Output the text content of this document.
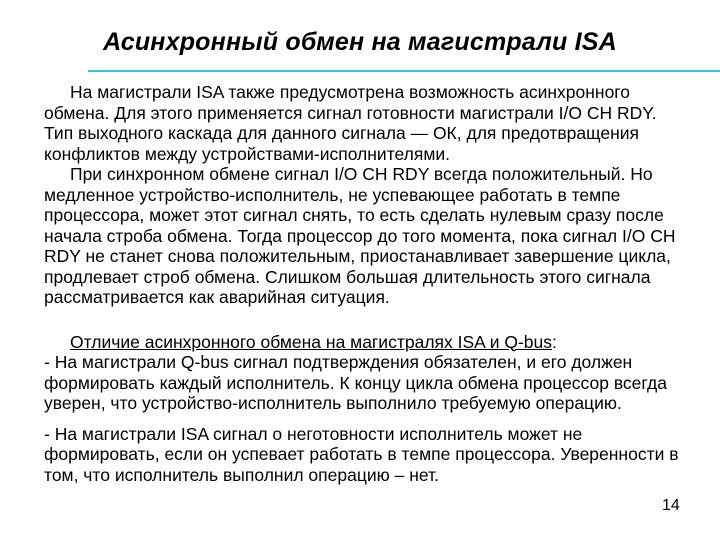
Асинхронный обмен на магистрали ISA

На магистрали ISA также предусмотрена возможность асинхронного обмена. Для этого применяется сигнал готовности магистрали I/O CH RDY. Тип выходного каскада для данного сигнала — ОК, для предотвращения конфликтов между устройствами-исполнителями.

При синхронном обмене сигнал I/O CH RDY всегда положительный. Но медленное устройство-исполнитель, не успевающее работать в темпе процессора, может этот сигнал снять, то есть сделать нулевым сразу после начала строба обмена. Тогда процессор до того момента, пока сигнал I/O CH RDY не станет снова положительным, приостанавливает завершение цикла, продлевает строб обмена. Слишком большая длительность этого сигнала рассматривается как аварийная ситуация.

Отличие асинхронного обмена на магистралях ISA и Q-bus:

- На магистрали Q-bus сигнал подтверждения обязателен, и его должен формировать каждый исполнитель. К концу цикла обмена процессор всегда уверен, что устройство-исполнитель выполнило требуемую операцию.

- На магистрали ISA сигнал о неготовности исполнитель может не формировать, если он успевает работать в темпе процессора. Уверенности в том, что исполнитель выполнил операцию – нет.

14
